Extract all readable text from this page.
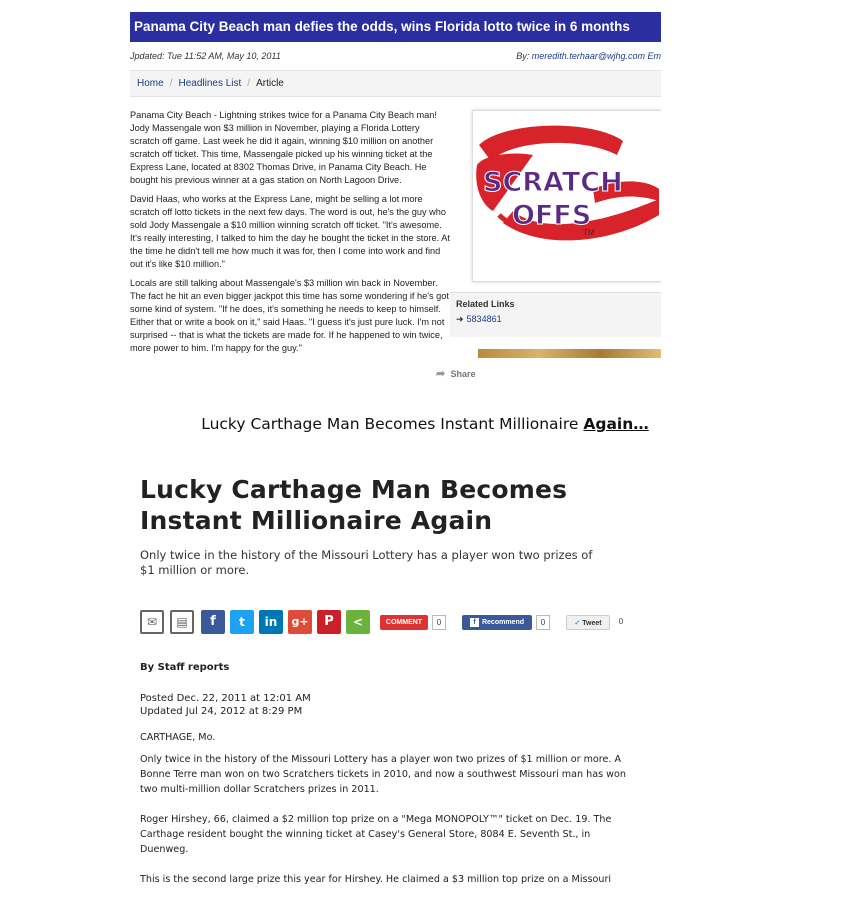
Panama City Beach man defies the odds, wins Florida lotto twice in 6 months
Jpdated: Tue 11:52 AM, May 10, 2011	By: meredith.terhaar@wjhg.com Em
Home / Headlines List / Article

Panama City Beach - Lightning strikes twice for a Panama City Beach man! Jody Massengale won $3 million in November, playing a Florida Lottery scratch off game. Last week he did it again, winning $10 million on another scratch off ticket. This time, Massengale picked up his winning ticket at the Express Lane, located at 8302 Thomas Drive, in Panama City Beach. He bought his previous winner at a gas station on North Lagoon Drive.

David Haas, who works at the Express Lane, might be selling a lot more scratch off lotto tickets in the next few days. The word is out, he's the guy who sold Jody Massengale a $10 million winning scratch off ticket. "It's awesome. It's really interesting, I talked to him the day he bought the ticket in the store. At the time he didn't tell me how much it was for, then I come into work and find out it's like $10 million."

Locals are still talking about Massengale's $3 million win back in November. The fact he hit an even bigger jackpot this time has some wondering if he's got some kind of system. "If he does, it's something he needs to keep to himself. Either that or write a book on it," said Haas. "I guess it's just pure luck. I'm not surprised -- that is what the tickets are made for. If he happened to win twice, more power to him. I'm happy for the guy."

SCRATCH
OFFS
TM
Related Links
➜ 5834861
➦ Share
Lucky Carthage Man Becomes Instant Millionaire Again…
Lucky Carthage Man Becomes
Instant Millionaire Again
Only twice in the history of the Missouri Lottery has a player won two prizes of $1 million or more.
✉	▤	f	t	in	g+	P	<	COMMENT	0	f Recommend	0	✓ Tweet	0
By Staff reports
Posted Dec. 22, 2011 at 12:01 AM
Updated Jul 24, 2012 at 8:29 PM

CARTHAGE, Mo.

Only twice in the history of the Missouri Lottery has a player won two prizes of $1 million or more. A Bonne Terre man won on two Scratchers tickets in 2010, and now a southwest Missouri man has won two multi-million dollar Scratchers prizes in 2011.

Roger Hirshey, 66, claimed a $2 million top prize on a "Mega MONOPOLY™" ticket on Dec. 19. The Carthage resident bought the winning ticket at Casey's General Store, 8084 E. Seventh St., in Duenweg.

This is the second large prize this year for Hirshey. He claimed a $3 million top prize on a Missouri
